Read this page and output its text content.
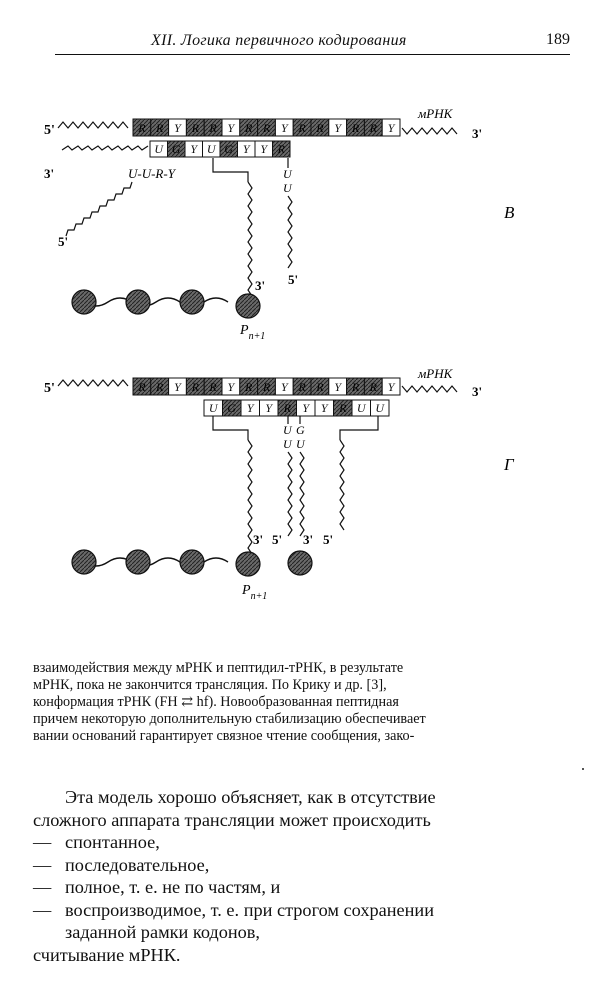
XII. Логика первичного кодирования	189
5'	R R Y R R Y R R Y R R Y R R Y
мРНК
3'
U G Y U G Y Y R
3'	U-U-R-Y
5'
3'
U
U
5'
$P_{n+1}$
В
5'	R R Y R R Y R R Y R R Y R R Y
мРНК
3'
U G Y Y R Y Y R U U
3' 5'
U
U
G
U
3' 5'
$P_{n+1}$
Г
взаимодействия между мРНК и пептидил-тРНК, в результате
мРНК, пока не закончится трансляция. По Крику и др. [3],
конформация тРНК (FH ⇄ hf). Новообразованная пептидная
причем некоторую дополнительную стабилизацию обеспечивает
вании оснований гарантирует связное чтение сообщения, зако-
Эта модель хорошо объясняет, как в отсутствие
сложного аппарата трансляции может происходить
— спонтанное,
— последовательное,
— полное, т. е. не по частям, и
— воспроизводимое, т. е. при строгом сохранении
заданной рамки кодонов,
считывание мРНК.
